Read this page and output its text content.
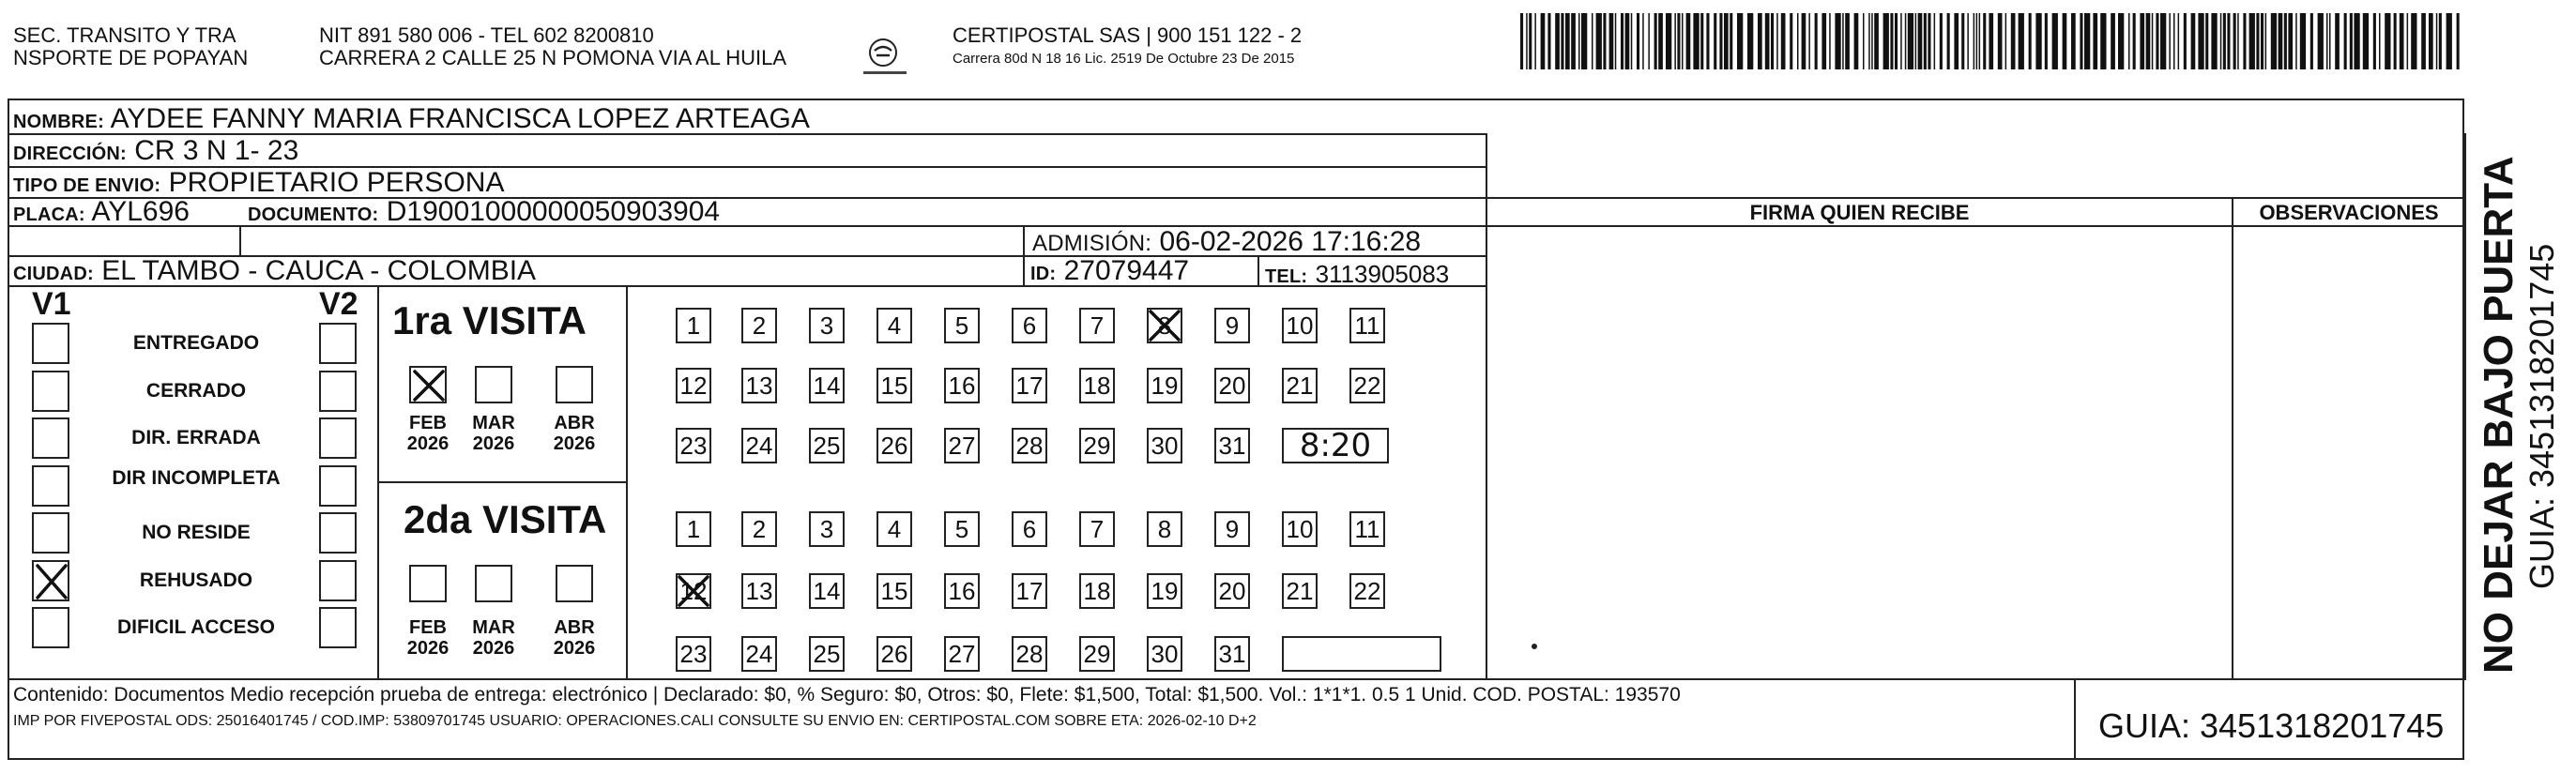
SEC. TRANSITO Y TRA
NSPORTE DE POPAYAN
NIT 891 580 006 - TEL 602 8200810
CARRERA 2 CALLE 25 N POMONA VIA AL HUILA
CERTIPOSTAL SAS | 900 151 122 - 2
Carrera 80d N 18 16 Lic. 2519 De Octubre 23 De 2015
NOMBRE: AYDEE FANNY MARIA FRANCISCA LOPEZ ARTEAGA
DIRECCIÓN: CR 3 N 1- 23
TIPO DE ENVIO: PROPIETARIO PERSONA
PLACA: AYL696	DOCUMENTO: D19001000000050903904
ADMISIÓN: 06-02-2026 17:16:28
CIUDAD: EL TAMBO - CAUCA - COLOMBIA	ID: 27079447	TEL: 3113905083
FIRMA QUIEN RECIBE	OBSERVACIONES
V1	V2
ENTREGADO
CERRADO
DIR. ERRADA
DIR INCOMPLETA
NO RESIDE
REHUSADO
DIFICIL ACCESO
1ra VISITA
2da VISITA
FEB
2026
MAR
2026
ABR
2026
FEB
2026
MAR
2026
ABR
2026
1	2	3	4	5	6	7	8	9	10 11
12 13 14 15 16 17 18 19 20 21 22
23 24 25 26 27 28 29 30 31	8:20
1	2	3	4	5	6	7	8	9	10 11
12 13 14 15 16 17 18 19 20 21 22
23 24 25 26 27 28 29 30 31	NO DEJAR BAJO PUERTA GUIA: 3451318201745
Contenido: Documentos Medio recepción prueba de entrega: electrónico | Declarado: $0, % Seguro: $0, Otros: $0, Flete: $1,500, Total: $1,500. Vol.: 1*1*1. 0.5 1 Unid. COD. POSTAL: 193570
IMP POR FIVEPOSTAL ODS: 25016401745 / COD.IMP: 53809701745 USUARIO: OPERACIONES.CALI CONSULTE SU ENVIO EN: CERTIPOSTAL.COM SOBRE ETA: 2026-02-10 D+2	GUIA: 3451318201745
